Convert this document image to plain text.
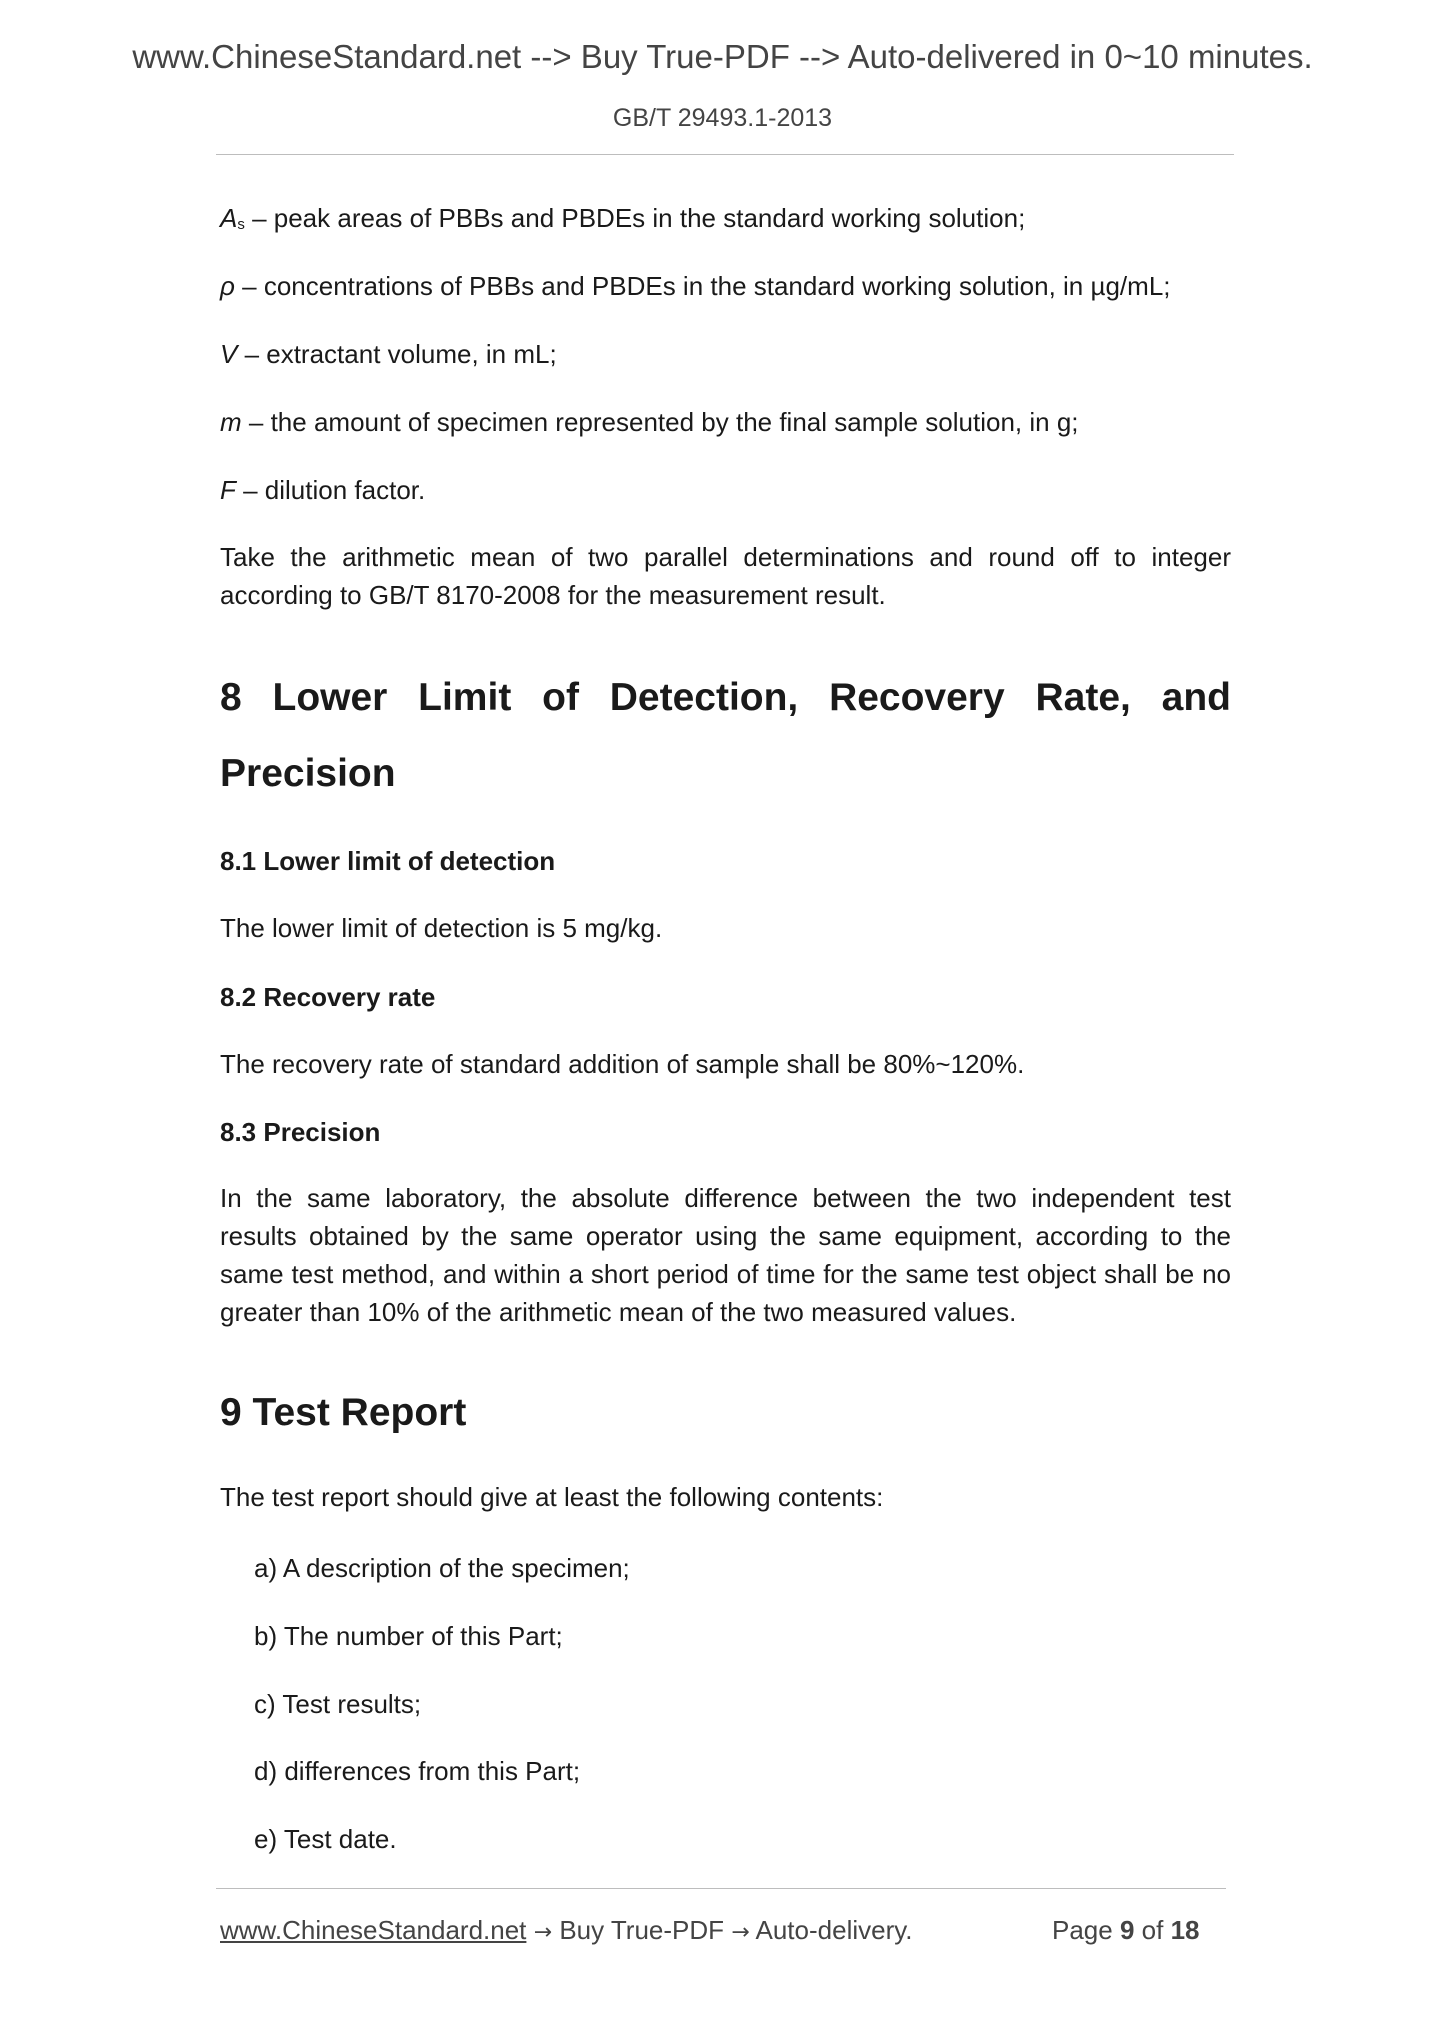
www.ChineseStandard.net --> Buy True-PDF --> Auto-delivered in 0~10 minutes.
GB/T 29493.1-2013
As – peak areas of PBBs and PBDEs in the standard working solution;
ρ – concentrations of PBBs and PBDEs in the standard working solution, in µg/mL;
V – extractant volume, in mL;
m – the amount of specimen represented by the final sample solution, in g;
F – dilution factor.
Take the arithmetic mean of two parallel determinations and round off to integer according to GB/T 8170-2008 for the measurement result.
8 Lower Limit of Detection, Recovery Rate, and Precision
8.1 Lower limit of detection
The lower limit of detection is 5 mg/kg.
8.2 Recovery rate
The recovery rate of standard addition of sample shall be 80%~120%.
8.3 Precision
In the same laboratory, the absolute difference between the two independent test results obtained by the same operator using the same equipment, according to the same test method, and within a short period of time for the same test object shall be no greater than 10% of the arithmetic mean of the two measured values.
9 Test Report
The test report should give at least the following contents:
a) A description of the specimen;
b) The number of this Part;
c) Test results;
d) differences from this Part;
e) Test date.
www.ChineseStandard.net → Buy True-PDF → Auto-delivery.	Page 9 of 18
